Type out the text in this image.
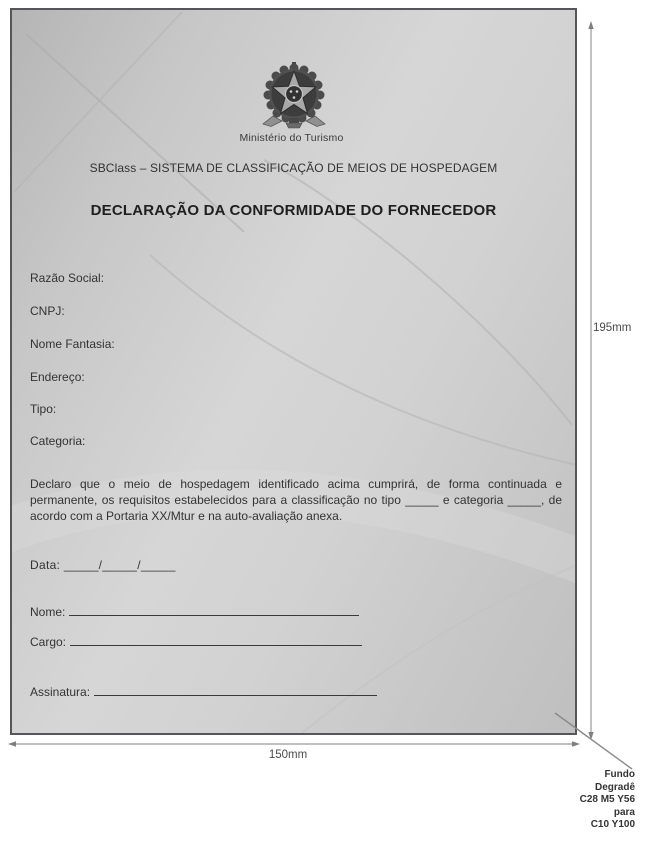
Ministério do Turismo
SBClass – SISTEMA DE CLASSIFICAÇÃO DE MEIOS DE HOSPEDAGEM
DECLARAÇÃO DA CONFORMIDADE DO FORNECEDOR
Razão Social:
CNPJ:
Nome Fantasia:
Endereço:
Tipo:
Categoria:
Declaro que o meio de hospedagem identificado acima cumprirá, de forma continuada e permanente, os requisitos estabelecidos para a classificação no tipo _____ e categoria _____, de acordo com a Portaria XX/Mtur e na auto-avaliação anexa.
Data: _____/_____/_____
Nome:
Cargo:
Assinatura:
195mm
150mm
Fundo
Degradê
C28 M5 Y56
para
C10 Y100
